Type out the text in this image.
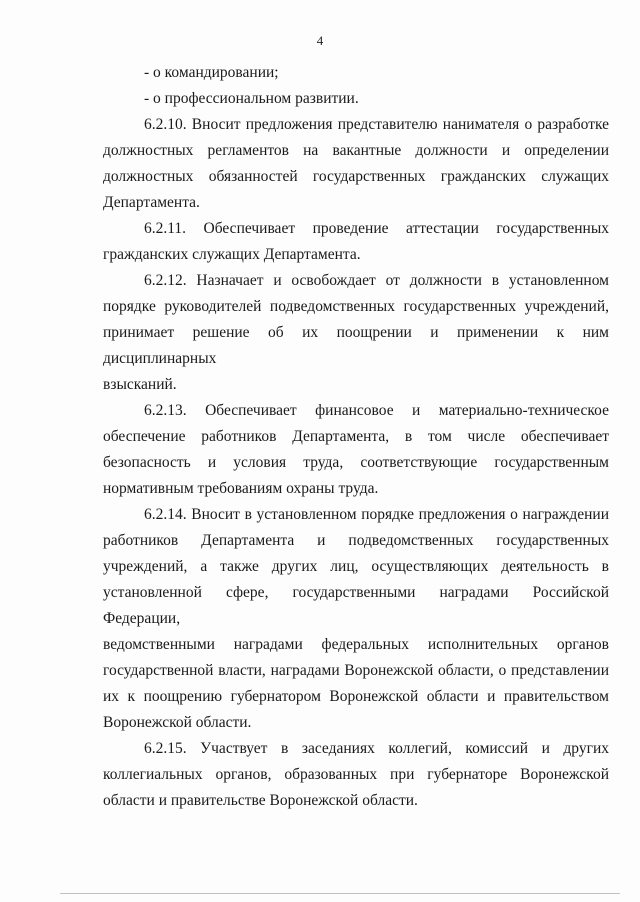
4
- о командировании;
- о профессиональном развитии.
6.2.10. Вносит предложения представителю нанимателя о разработке
должностных регламентов на вакантные должности и определении
должностных обязанностей государственных гражданских служащих
Департамента.
6.2.11. Обеспечивает проведение аттестации государственных
гражданских служащих Департамента.
6.2.12. Назначает и освобождает от должности в установленном
порядке руководителей подведомственных государственных учреждений,
принимает решение об их поощрении и применении к ним дисциплинарных
взысканий.
6.2.13. Обеспечивает финансовое и материально-техническое
обеспечение работников Департамента, в том числе обеспечивает
безопасность и условия труда, соответствующие государственным
нормативным требованиям охраны труда.
6.2.14. Вносит в установленном порядке предложения о награждении
работников Департамента и подведомственных государственных
учреждений, а также других лиц, осуществляющих деятельность в
установленной сфере, государственными наградами Российской Федерации,
ведомственными наградами федеральных исполнительных органов
государственной власти, наградами Воронежской области, о представлении
их к поощрению губернатором Воронежской области и правительством
Воронежской области.
6.2.15. Участвует в заседаниях коллегий, комиссий и других
коллегиальных органов, образованных при губернаторе Воронежской
области и правительстве Воронежской области.
